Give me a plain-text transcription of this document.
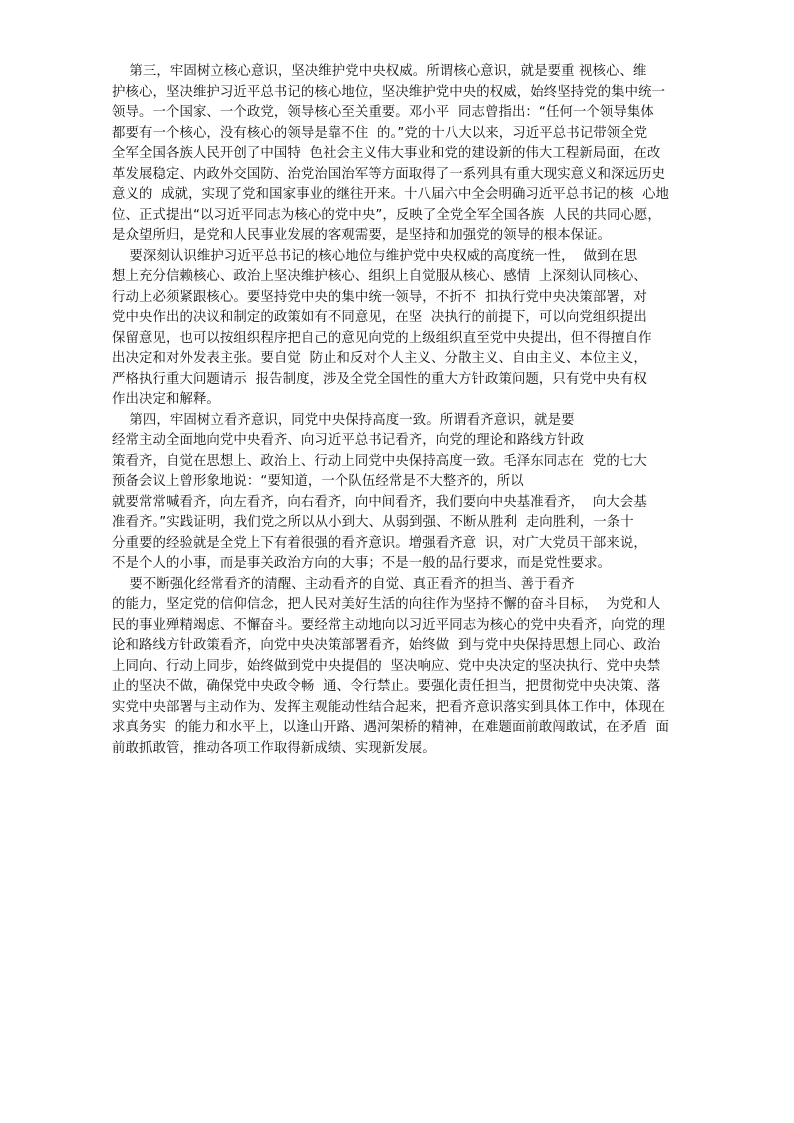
第三，牢固树立核心意识，坚决维护党中央权威。所谓核心意识，就是要重 视核心、维
护核心，坚决维护习近平总书记的核心地位，坚决维护党中央的权威，始终坚持党的集中统一
领导。一个国家、一个政党，领导核心至关重要。邓小平  同志曾指出：“任何一个领导集体
都要有一个核心，没有核心的领导是靠不住  的。”党的十八大以来，习近平总书记带领全党
全军全国各族人民开创了中国特  色社会主义伟大事业和党的建设新的伟大工程新局面，在改
革发展稳定、内政外交国防、治党治国治军等方面取得了一系列具有重大现实意义和深远历史
意义的  成就，实现了党和国家事业的继往开来。十八届六中全会明确习近平总书记的核  心地
位、正式提出“以习近平同志为核心的党中央”，反映了全党全军全国各族  人民的共同心愿，
是众望所归，是党和人民事业发展的客观需要，是坚持和加强党的领导的根本保证。
要深刻认识维护习近平总书记的核心地位与维护党中央权威的高度统一性，  做到在思
想上充分信赖核心、政治上坚决维护核心、组织上自觉服从核心、感情  上深刻认同核心、
行动上必须紧跟核心。要坚持党中央的集中统一领导，不折不  扣执行党中央决策部署，对
党中央作出的决议和制定的政策如有不同意见，在坚  决执行的前提下，可以向党组织提出
保留意见，也可以按组织程序把自己的意见向党的上级组织直至党中央提出，但不得擅自作
出决定和对外发表主张。要自觉  防止和反对个人主义、分散主义、自由主义、本位主义，
严格执行重大问题请示  报告制度，涉及全党全国性的重大方针政策问题，只有党中央有权
作出决定和解释。
第四，牢固树立看齐意识，同党中央保持高度一致。所谓看齐意识，就是要
经常主动全面地向党中央看齐、向习近平总书记看齐，向党的理论和路线方针政
策看齐，自觉在思想上、政治上、行动上同党中央保持高度一致。毛泽东同志在  党的七大
预备会议上曾形象地说：“要知道，一个队伍经常是不大整齐的，所以
就要常常喊看齐，向左看齐，向右看齐，向中间看齐，我们要向中央基准看齐，  向大会基
准看齐。”实践证明，我们党之所以从小到大、从弱到强、不断从胜利  走向胜利，一条十
分重要的经验就是全党上下有着很强的看齐意识。增强看齐意  识，对广大党员干部来说，
不是个人的小事，而是事关政治方向的大事；不是一般的品行要求，而是党性要求。
要不断强化经常看齐的清醒、主动看齐的自觉、真正看齐的担当、善于看齐
的能力，坚定党的信仰信念，把人民对美好生活的向往作为坚持不懈的奋斗目标，  为党和人
民的事业殚精竭虑、不懈奋斗。要经常主动地向以习近平同志为核心的党中央看齐，向党的理
论和路线方针政策看齐，向党中央决策部署看齐，始终做  到与党中央保持思想上同心、政治
上同向、行动上同步，始终做到党中央提倡的  坚决响应、党中央决定的坚决执行、党中央禁
止的坚决不做，确保党中央政令畅  通、令行禁止。要强化责任担当，把贯彻党中央决策、落
实党中央部署与主动作为、发挥主观能动性结合起来，把看齐意识落实到具体工作中，体现在
求真务实  的能力和水平上，以逢山开路、遇河架桥的精神，在难题面前敢闯敢试，在矛盾  面
前敢抓敢管，推动各项工作取得新成绩、实现新发展。
